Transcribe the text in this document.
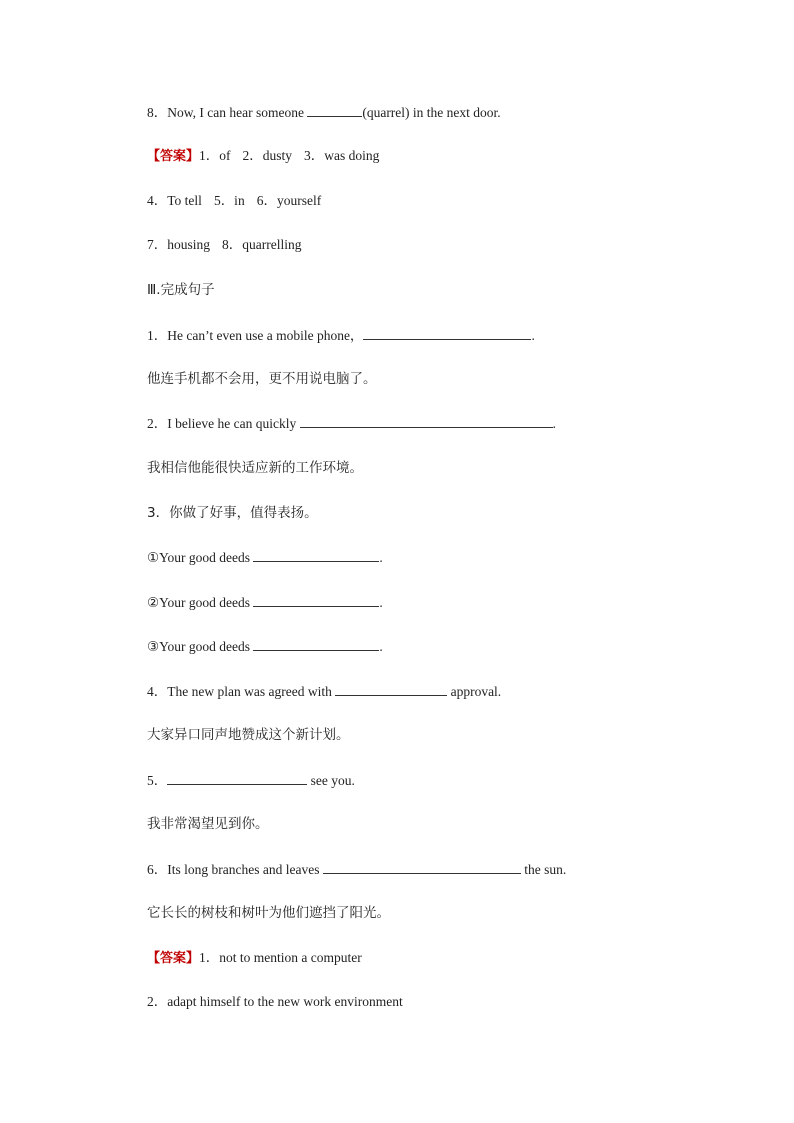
8．Now, I can hear someone	(quarrel) in the next door.
【答案】1．of 2．dusty 3．was doing
4．To tell 5．in 6．yourself
7．housing 8．quarrelling
Ⅲ.完成句子
1．He can’t even use a mobile phone，	.
他连手机都不会用，更不用说电脑了。
2．I believe he can quickly	.
我相信他能很快适应新的工作环境。
3．你做了好事，值得表扬。
①Your good deeds	.
②Your good deeds	.
③Your good deeds	.
4．The new plan was agreed with	approval.
大家异口同声地赞成这个新计划。
5．	see you.
我非常渴望见到你。
6．Its long branches and leaves	the sun.
它长长的树枝和树叶为他们遮挡了阳光。
【答案】1．not to mention a computer
2．adapt himself to the new work environment
